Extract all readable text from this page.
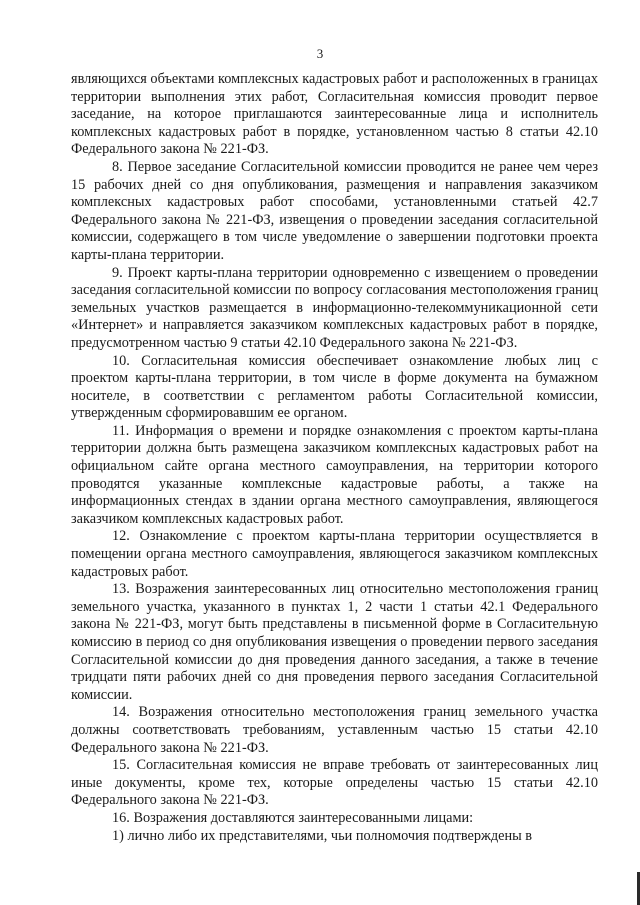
3

являющихся объектами комплексных кадастровых работ и расположенных в границах территории выполнения этих работ, Согласительная комиссия проводит первое заседание, на которое приглашаются заинтересованные лица и исполнитель комплексных кадастровых работ в порядке, установленном частью 8 статьи 42.10 Федерального закона № 221-ФЗ.

8. Первое заседание Согласительной комиссии проводится не ранее чем через 15 рабочих дней со дня опубликования, размещения и направления заказчиком комплексных кадастровых работ способами, установленными статьей 42.7 Федерального закона № 221-ФЗ, извещения о проведении заседания согласительной комиссии, содержащего в том числе уведомление о завершении подготовки проекта карты-плана территории.

9. Проект карты-плана территории одновременно с извещением о проведении заседания согласительной комиссии по вопросу согласования местоположения границ земельных участков размещается в информационно-телекоммуникационной сети «Интернет» и направляется заказчиком комплексных кадастровых работ в порядке, предусмотренном частью 9 статьи 42.10 Федерального закона № 221-ФЗ.

10. Согласительная комиссия обеспечивает ознакомление любых лиц с проектом карты-плана территории, в том числе в форме документа на бумажном носителе, в соответствии с регламентом работы Согласительной комиссии, утвержденным сформировавшим ее органом.

11. Информация о времени и порядке ознакомления с проектом карты-плана территории должна быть размещена заказчиком комплексных кадастровых работ на официальном сайте органа местного самоуправления, на территории которого проводятся указанные комплексные кадастровые работы, а также на информационных стендах в здании органа местного самоуправления, являющегося заказчиком комплексных кадастровых работ.

12. Ознакомление с проектом карты-плана территории осуществляется в помещении органа местного самоуправления, являющегося заказчиком комплексных кадастровых работ.

13. Возражения заинтересованных лиц относительно местоположения границ земельного участка, указанного в пунктах 1, 2 части 1 статьи 42.1 Федерального закона № 221-ФЗ, могут быть представлены в письменной форме в Согласительную комиссию в период со дня опубликования извещения о проведении первого заседания Согласительной комиссии до дня проведения данного заседания, а также в течение тридцати пяти рабочих дней со дня проведения первого заседания Согласительной комиссии.

14. Возражения относительно местоположения границ земельного участка должны соответствовать требованиям, уставленным частью 15 статьи 42.10 Федерального закона № 221-ФЗ.

15. Согласительная комиссия не вправе требовать от заинтересованных лиц иные документы, кроме тех, которые определены частью 15 статьи 42.10 Федерального закона № 221-ФЗ.

16. Возражения доставляются заинтересованными лицами:

1) лично либо их представителями, чьи полномочия подтверждены в
